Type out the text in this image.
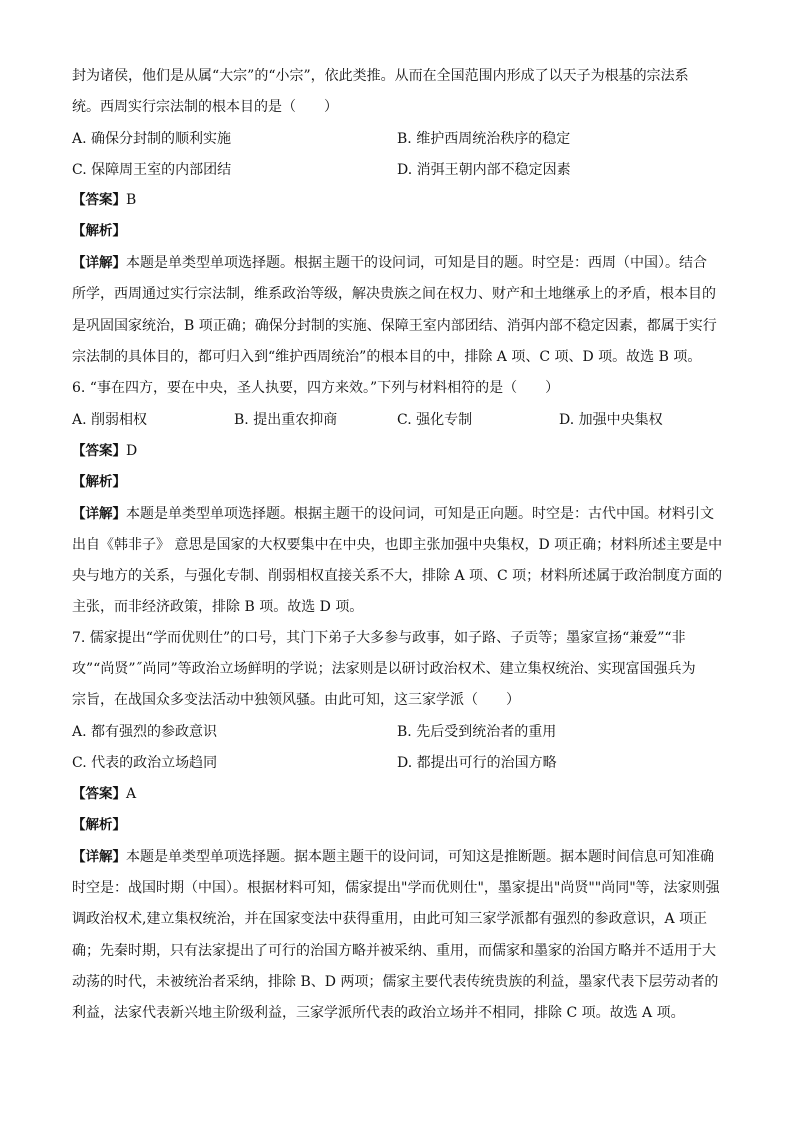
封为诸侯，他们是从属“大宗”的“小宗”，依此类推。从而在全国范围内形成了以天子为根基的宗法系
统。西周实行宗法制的根本目的是（　　）
A. 确保分封制的顺利实施	B. 维护西周统治秩序的稳定
C. 保障周王室的内部团结	D. 消弭王朝内部不稳定因素
【答案】B
【解析】
【详解】本题是单类型单项选择题。根据主题干的设问词，可知是目的题。时空是：西周（中国）。结合
所学，西周通过实行宗法制，维系政治等级，解决贵族之间在权力、财产和土地继承上的矛盾，根本目的
是巩固国家统治，B 项正确；确保分封制的实施、保障王室内部团结、消弭内部不稳定因素，都属于实行
宗法制的具体目的，都可归入到“维护西周统治”的根本目的中，排除 A 项、C 项、D 项。故选 B 项。
6. “事在四方，要在中央，圣人执要，四方来效。”下列与材料相符的是（　　）
A. 削弱相权	B. 提出重农抑商	C. 强化专制	D. 加强中央集权
【答案】D
【解析】
【详解】本题是单类型单项选择题。根据主题干的设问词，可知是正向题。时空是：古代中国。材料引文
出自《韩非子》 意思是国家的大权要集中在中央，也即主张加强中央集权，D 项正确；材料所述主要是中
央与地方的关系，与强化专制、削弱相权直接关系不大，排除 A 项、C 项；材料所述属于政治制度方面的
主张，而非经济政策，排除 B 项。故选 D 项。
7. 儒家提出“学而优则仕”的口号，其门下弟子大多参与政事，如子路、子贡等；墨家宣扬“兼爱”“非
攻”“尚贤”˝尚同”等政治立场鲜明的学说；法家则是以研讨政治权术、建立集权统治、实现富国强兵为
宗旨，在战国众多变法活动中独领风骚。由此可知，这三家学派（　　）
A. 都有强烈的参政意识	B. 先后受到统治者的重用
C. 代表的政治立场趋同	D. 都提出可行的治国方略
【答案】A
【解析】
【详解】本题是单类型单项选择题。据本题主题干的设问词，可知这是推断题。据本题时间信息可知准确
时空是：战国时期（中国）。根据材料可知，儒家提出"学而优则仕"，墨家提出"尚贤""尚同"等，法家则强
调政治权术,建立集权统治，并在国家变法中获得重用，由此可知三家学派都有强烈的参政意识，A 项正
确；先秦时期，只有法家提出了可行的治国方略并被采纳、重用，而儒家和墨家的治国方略并不适用于大
动荡的时代，未被统治者采纳，排除 B、D 两项；儒家主要代表传统贵族的利益，墨家代表下层劳动者的
利益，法家代表新兴地主阶级利益，三家学派所代表的政治立场并不相同，排除 C 项。故选 A 项。
